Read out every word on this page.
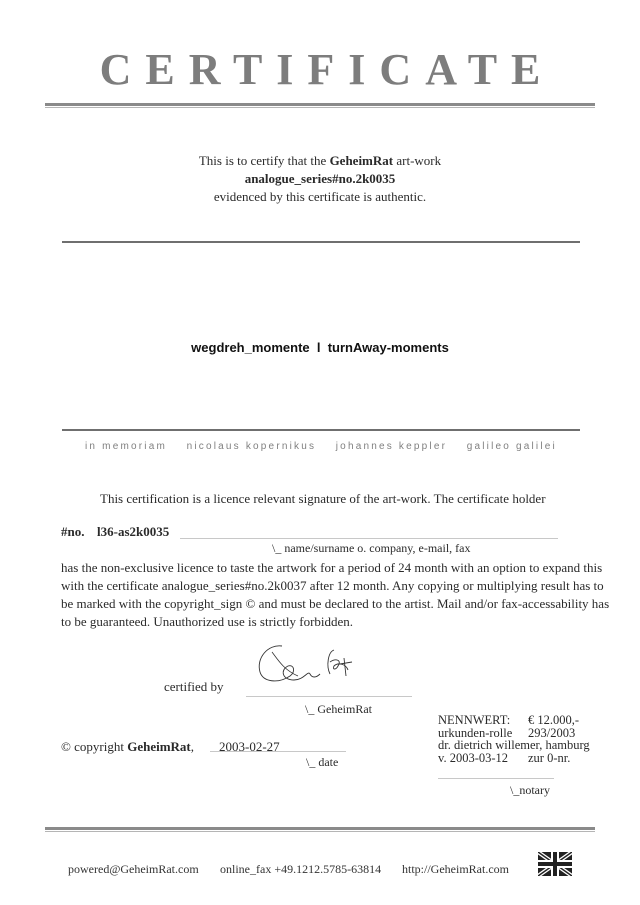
CERTIFICATE
This is to certify that the GeheimRat art-work
analogue_series#no.2k0035
evidenced by this certificate is authentic.
wegdreh_momente  l  turnAway-moments
in memoriam nicolaus kopernikus johannes keppler galileo galilei
This certification is a licence relevant signature of the art-work. The certificate holder
#no. l36-as2k0035
\_ name/surname o. company, e-mail, fax
has the non-exclusive licence to taste the artwork for a period of 24 month with an option to expand this
with the certificate analogue_series#no.2k0037 after 12 month. Any copying or multiplying result has to
be marked with the copyright_sign © and must be declared to the artist. Mail and/or fax-accessability has
to be guaranteed. Unauthorized use is strictly forbidden.
certified by
\_ GeheimRat
© copyright GeheimRat, 2003-02-27
\_ date
NENNWERT:	€ 12.000,-
urkunden-rolle	293/2003
dr. dietrich willemer, hamburg	
v. 2003-03-12	zur 0-nr.
\_notary
powered@GeheimRat.com online_fax +49.1212.5785-63814 http://GeheimRat.com
